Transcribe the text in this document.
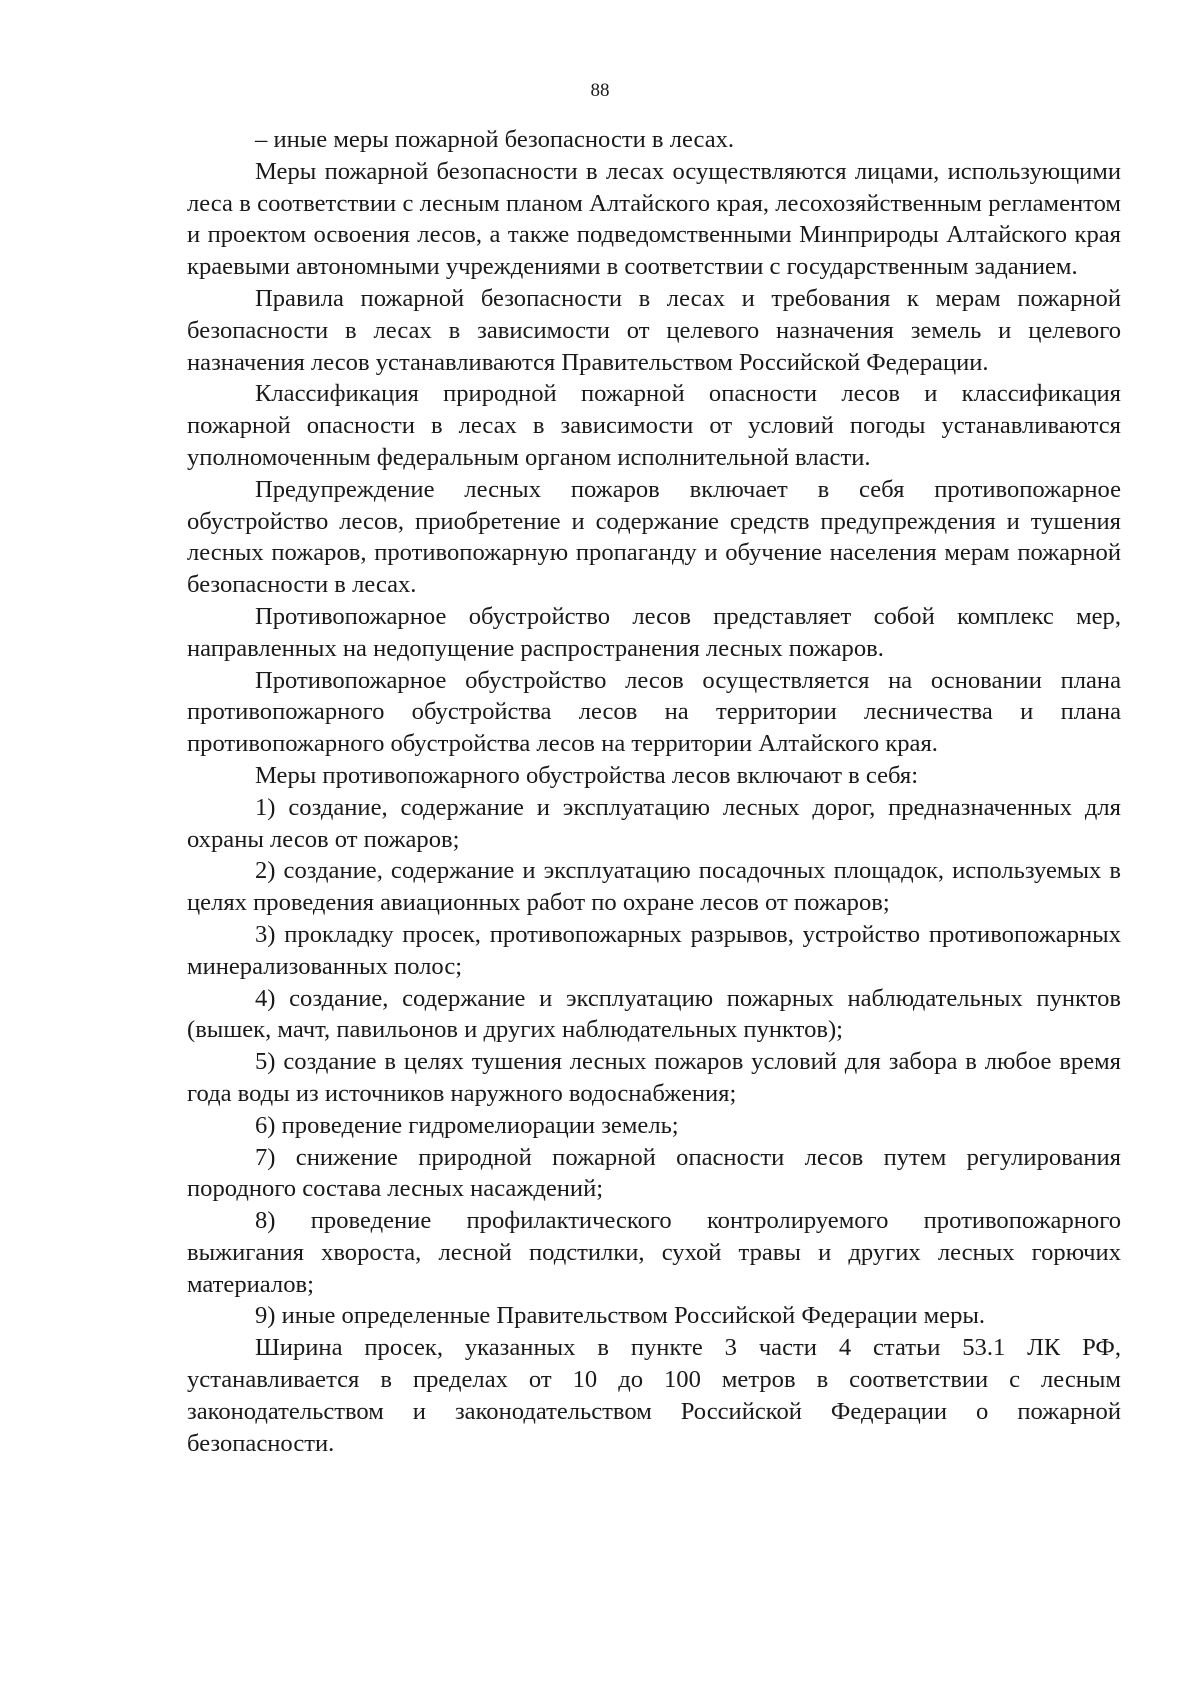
88

– иные меры пожарной безопасности в лесах.

Меры пожарной безопасности в лесах осуществляются лицами, использующими леса в соответствии с лесным планом Алтайского края, лесохозяйственным регламентом и проектом освоения лесов, а также подведомственными Минприроды Алтайского края краевыми автономными учреждениями в соответствии с государственным заданием.

Правила пожарной безопасности в лесах и требования к мерам пожарной безопасности в лесах в зависимости от целевого назначения земель и целевого назначения лесов устанавливаются Правительством Российской Федерации.

Классификация природной пожарной опасности лесов и классификация пожарной опасности в лесах в зависимости от условий погоды устанавливаются уполномоченным федеральным органом исполнительной власти.

Предупреждение лесных пожаров включает в себя противопожарное обустройство лесов, приобретение и содержание средств предупреждения и тушения лесных пожаров, противопожарную пропаганду и обучение населения мерам пожарной безопасности в лесах.

Противопожарное обустройство лесов представляет собой комплекс мер, направленных на недопущение распространения лесных пожаров.

Противопожарное обустройство лесов осуществляется на основании плана противопожарного обустройства лесов на территории лесничества и плана противопожарного обустройства лесов на территории Алтайского края.

Меры противопожарного обустройства лесов включают в себя:

1) создание, содержание и эксплуатацию лесных дорог, предназначенных для охраны лесов от пожаров;

2) создание, содержание и эксплуатацию посадочных площадок, используемых в целях проведения авиационных работ по охране лесов от пожаров;

3) прокладку просек, противопожарных разрывов, устройство противопожарных минерализованных полос;

4) создание, содержание и эксплуатацию пожарных наблюдательных пунктов (вышек, мачт, павильонов и других наблюдательных пунктов);

5) создание в целях тушения лесных пожаров условий для забора в любое время года воды из источников наружного водоснабжения;

6) проведение гидромелиорации земель;

7) снижение природной пожарной опасности лесов путем регулирования породного состава лесных насаждений;

8) проведение профилактического контролируемого противопожарного выжигания хвороста, лесной подстилки, сухой травы и других лесных горючих материалов;

9) иные определенные Правительством Российской Федерации меры.

Ширина просек, указанных в пункте 3 части 4 статьи 53.1 ЛК РФ, устанавливается в пределах от 10 до 100 метров в соответствии с лесным законодательством и законодательством Российской Федерации о пожарной безопасности.
